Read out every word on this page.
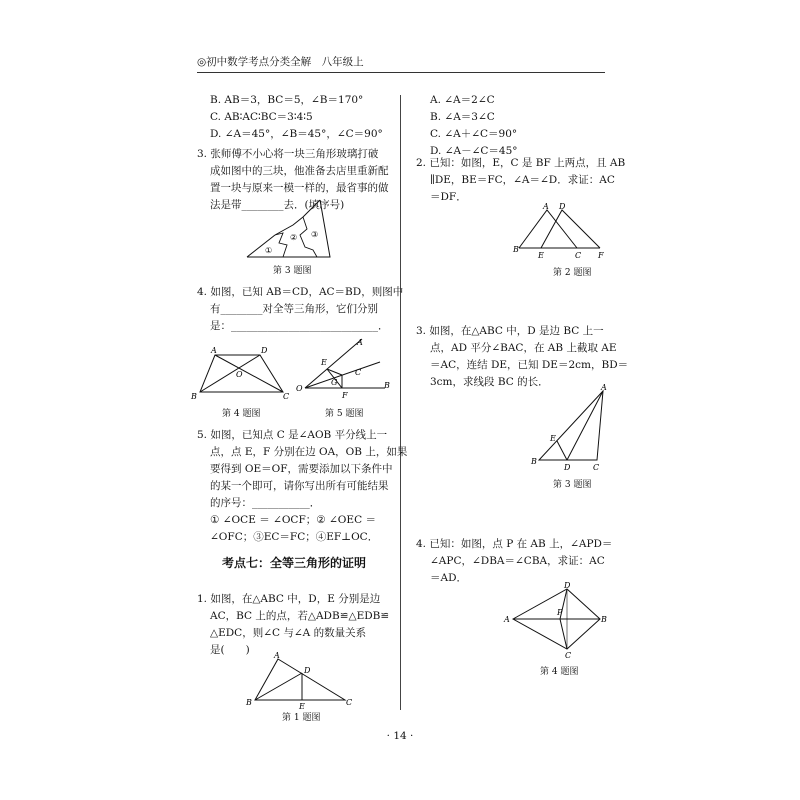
◎初中数学考点分类全解　八年级上
B. AB＝3，BC＝5，∠B＝170°
C. AB∶AC∶BC＝3∶4∶5
D. ∠A＝45°，∠B＝45°，∠C＝90°
3. 张师傅不小心将一块三角形玻璃打破
成如图中的三块，他准备去店里重新配
置一块与原来一模一样的，最省事的做
法是带________去．(填序号)
①
② ③
第 3 题图
4. 如图，已知 AB＝CD，AC＝BD，则图中
有________对全等三角形，它们分别
是：____________________________．
A	D
O
B	C
A
E
C
G
O
F
B
第 4 题图	第 5 题图
5. 如图，已知点 C 是∠AOB 平分线上一
点，点 E，F 分别在边 OA，OB 上，如果
要得到 OE＝OF，需要添加以下条件中
的某一个即可，请你写出所有可能结果
的序号：___________．
① ∠OCE ＝ ∠OCF；② ∠OEC ＝
∠OFC；③EC＝FC；④EF⊥OC．
考点七：全等三角形的证明
1. 如图，在△ABC 中，D，E 分别是边
AC，BC 上的点，若△ADB≌△EDB≌
△EDC，则∠C 与∠A 的数量关系
是(　　)	A
D
B	E	C
第 1 题图
A. ∠A＝2∠C
B. ∠A＝3∠C
C. ∠A＋∠C＝90°
D. ∠A－∠C＝45°
2. 已知：如图，E，C 是 BF 上两点，且 AB
∥DE，BE＝FC，∠A＝∠D．求证：AC
＝DF．
A D
B
E	C F
第 2 题图
3. 如图，在△ABC 中，D 是边 BC 上一
点，AD 平分∠BAC，在 AB 上截取 AE
＝AC，连结 DE，已知 DE＝2cm，BD＝
3cm，求线段 BC 的长．	A
E
B
D	C
第 3 题图
4. 已知：如图，点 P 在 AB 上，∠APD＝
∠APC，∠DBA＝∠CBA，求证：AC
＝AD．
D
P
A	B
C
第 4 题图
· 14 ·
